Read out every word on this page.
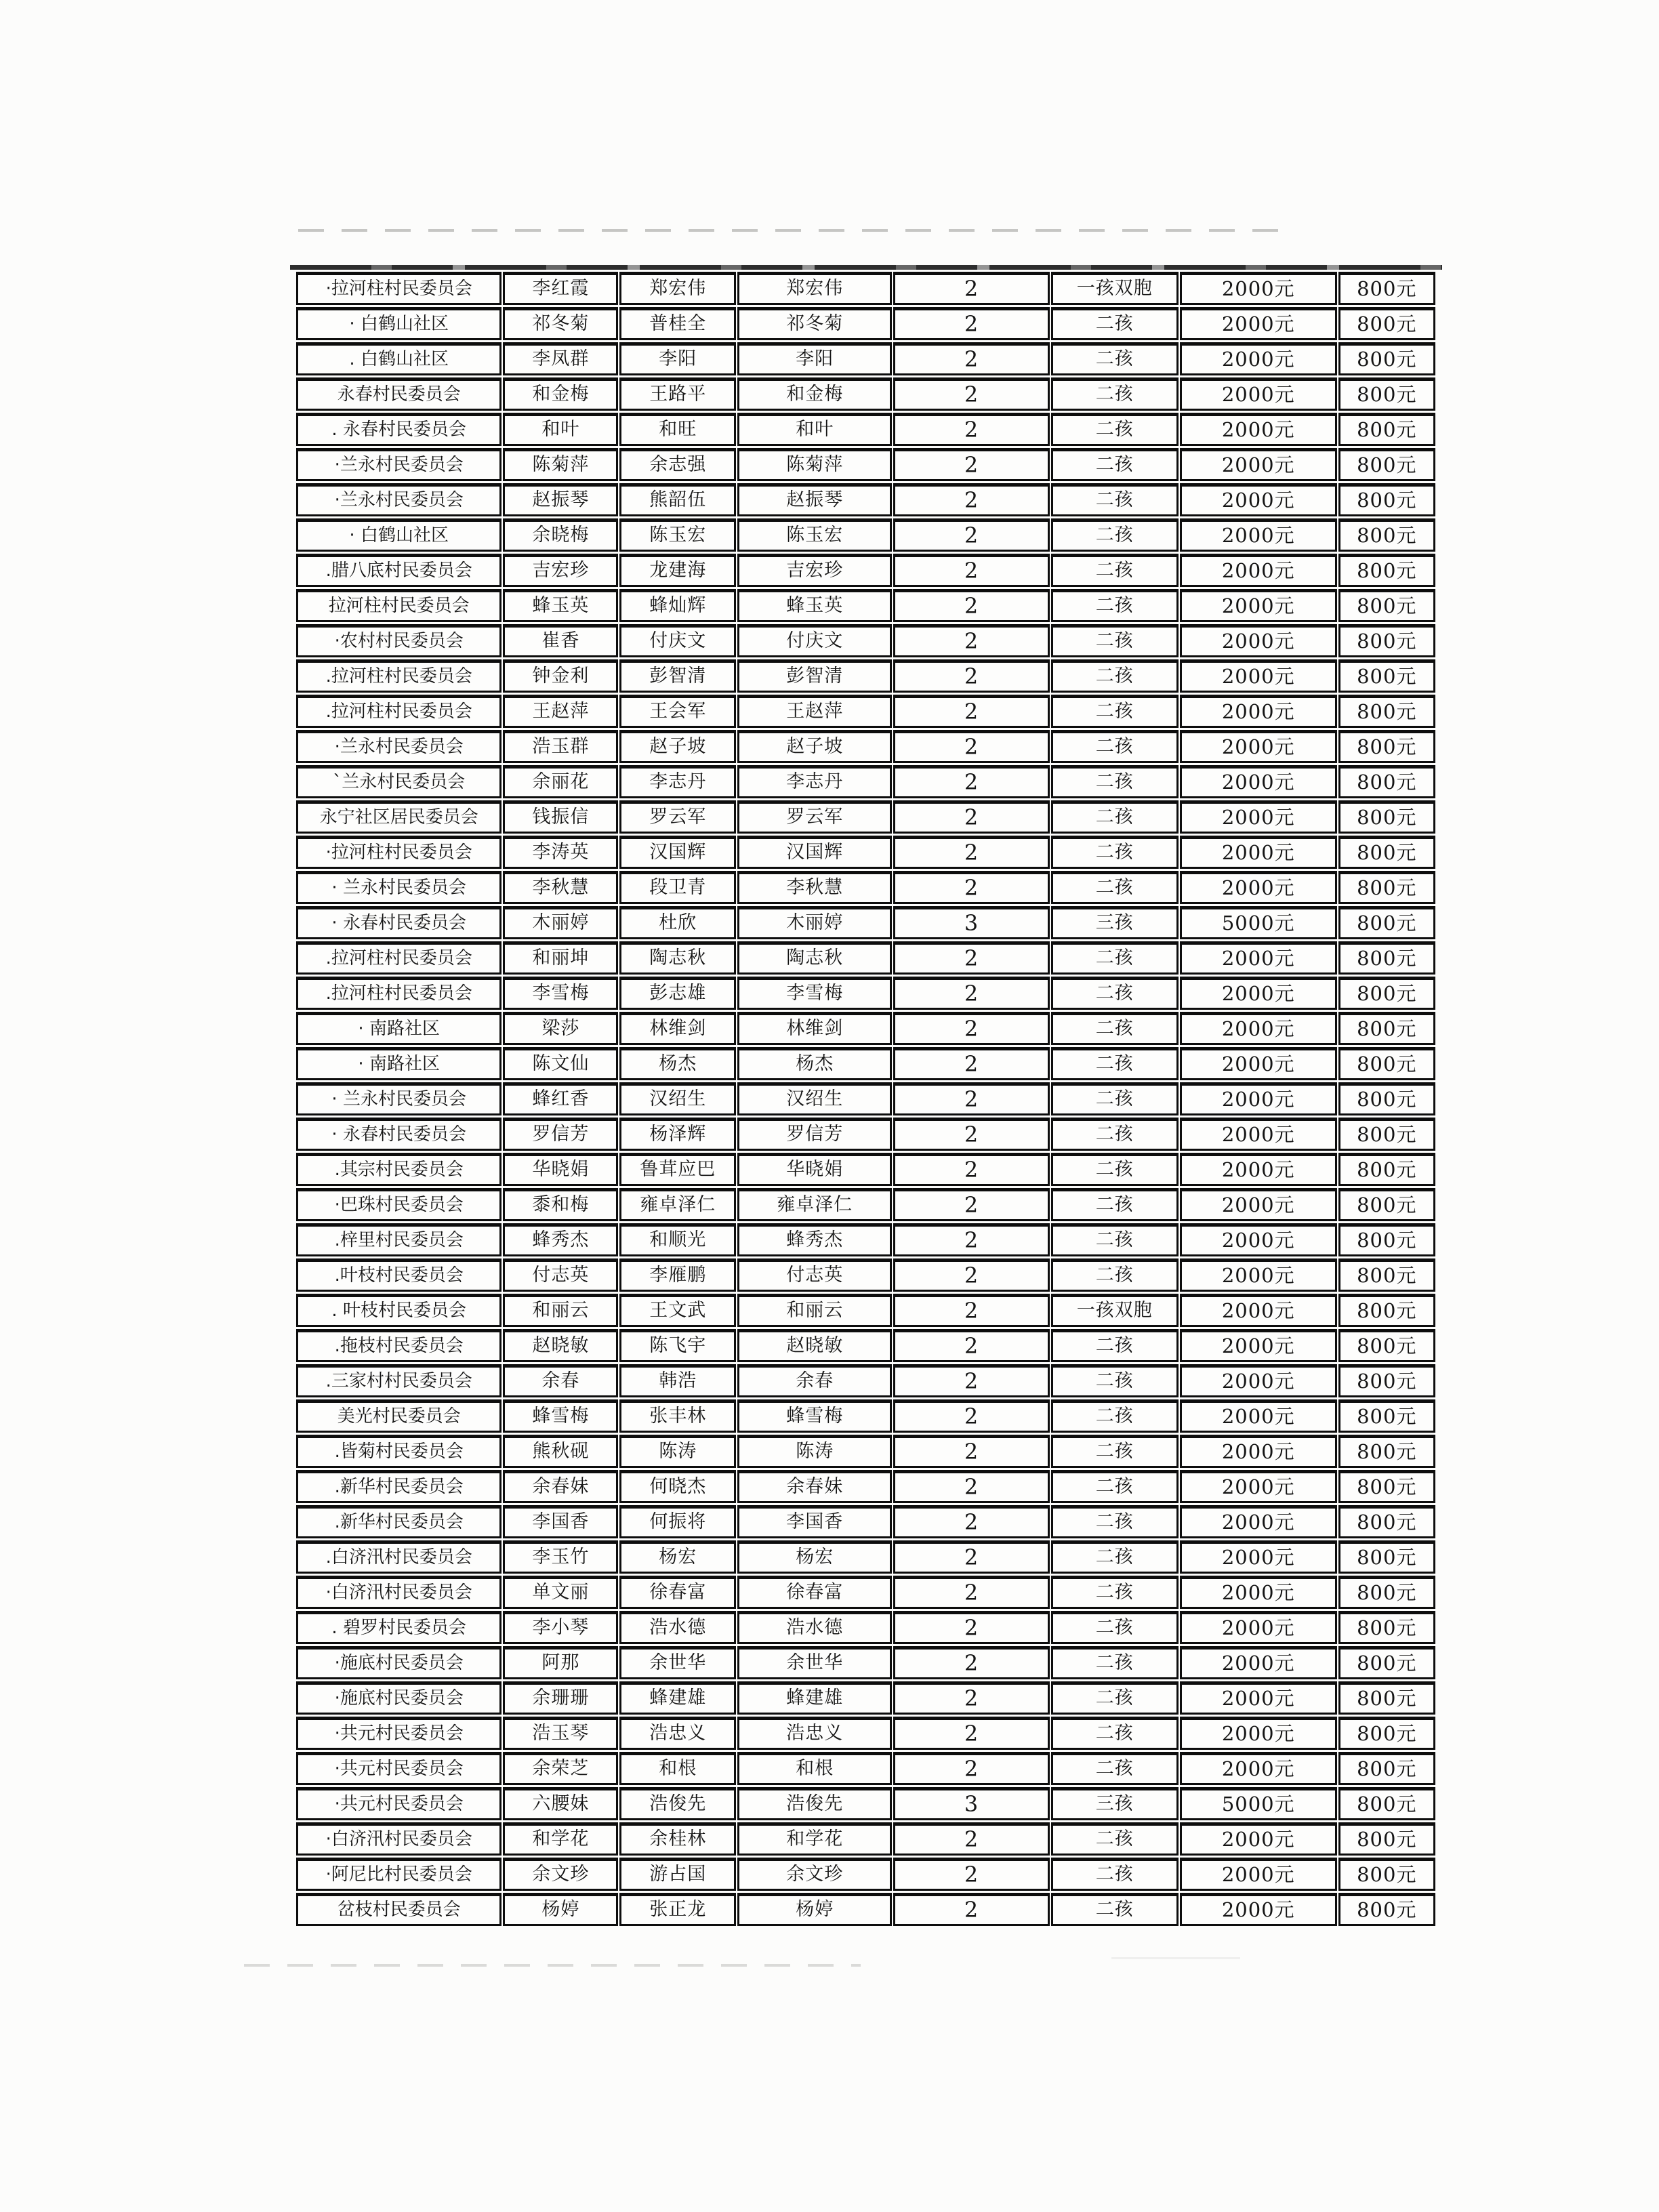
·拉河柱村民委员会	李红霞	郑宏伟	郑宏伟	2	一孩双胞	2000元	800元
· 白鹤山社区	祁冬菊	普桂全	祁冬菊	2	二孩	2000元	800元
. 白鹤山社区	李凤群	李阳	李阳	2	二孩	2000元	800元
永春村民委员会	和金梅	王路平	和金梅	2	二孩	2000元	800元
. 永春村民委员会	和叶	和旺	和叶	2	二孩	2000元	800元
·兰永村民委员会	陈菊萍	余志强	陈菊萍	2	二孩	2000元	800元
·兰永村民委员会	赵振琴	熊韶伍	赵振琴	2	二孩	2000元	800元
· 白鹤山社区	余晓梅	陈玉宏	陈玉宏	2	二孩	2000元	800元
.腊八底村民委员会	吉宏珍	龙建海	吉宏珍	2	二孩	2000元	800元
拉河柱村民委员会	蜂玉英	蜂灿辉	蜂玉英	2	二孩	2000元	800元
·农村村民委员会	崔香	付庆文	付庆文	2	二孩	2000元	800元
.拉河柱村民委员会	钟金利	彭智清	彭智清	2	二孩	2000元	800元
.拉河柱村民委员会	王赵萍	王会军	王赵萍	2	二孩	2000元	800元
·兰永村民委员会	浩玉群	赵子坡	赵子坡	2	二孩	2000元	800元
`兰永村民委员会	余丽花	李志丹	李志丹	2	二孩	2000元	800元
永宁社区居民委员会	钱振信	罗云军	罗云军	2	二孩	2000元	800元
·拉河柱村民委员会	李涛英	汉国辉	汉国辉	2	二孩	2000元	800元
· 兰永村民委员会	李秋慧	段卫青	李秋慧	2	二孩	2000元	800元
· 永春村民委员会	木丽婷	杜欣	木丽婷	3	三孩	5000元	800元
.拉河柱村民委员会	和丽坤	陶志秋	陶志秋	2	二孩	2000元	800元
.拉河柱村民委员会	李雪梅	彭志雄	李雪梅	2	二孩	2000元	800元
· 南路社区	梁莎	林维剑	林维剑	2	二孩	2000元	800元
· 南路社区	陈文仙	杨杰	杨杰	2	二孩	2000元	800元
· 兰永村民委员会	蜂红香	汉绍生	汉绍生	2	二孩	2000元	800元
· 永春村民委员会	罗信芳	杨泽辉	罗信芳	2	二孩	2000元	800元
.其宗村民委员会	华晓娟	鲁茸应巴	华晓娟	2	二孩	2000元	800元
·巴珠村民委员会	黍和梅	雍卓泽仁	雍卓泽仁	2	二孩	2000元	800元
.梓里村民委员会	蜂秀杰	和顺光	蜂秀杰	2	二孩	2000元	800元
.叶枝村民委员会	付志英	李雁鹏	付志英	2	二孩	2000元	800元
. 叶枝村民委员会	和丽云	王文武	和丽云	2	一孩双胞	2000元	800元
.拖枝村民委员会	赵晓敏	陈飞宇	赵晓敏	2	二孩	2000元	800元
.三家村村民委员会	余春	韩浩	余春	2	二孩	2000元	800元
美光村民委员会	蜂雪梅	张丰林	蜂雪梅	2	二孩	2000元	800元
.皆菊村民委员会	熊秋砚	陈涛	陈涛	2	二孩	2000元	800元
.新华村民委员会	余春妹	何晓杰	余春妹	2	二孩	2000元	800元
.新华村民委员会	李国香	何振将	李国香	2	二孩	2000元	800元
.白济汛村民委员会	李玉竹	杨宏	杨宏	2	二孩	2000元	800元
·白济汛村民委员会	单文丽	徐春富	徐春富	2	二孩	2000元	800元
. 碧罗村民委员会	李小琴	浩水德	浩水德	2	二孩	2000元	800元
·施底村民委员会	阿那	余世华	余世华	2	二孩	2000元	800元
·施底村民委员会	余珊珊	蜂建雄	蜂建雄	2	二孩	2000元	800元
·共元村民委员会	浩玉琴	浩忠义	浩忠义	2	二孩	2000元	800元
·共元村民委员会	余荣芝	和根	和根	2	二孩	2000元	800元
·共元村民委员会	六腰妹	浩俊先	浩俊先	3	三孩	5000元	800元
·白济汛村民委员会	和学花	余桂林	和学花	2	二孩	2000元	800元
·阿尼比村民委员会	余文珍	游占国	余文珍	2	二孩	2000元	800元
岔枝村民委员会	杨婷	张正龙	杨婷	2	二孩	2000元	800元
